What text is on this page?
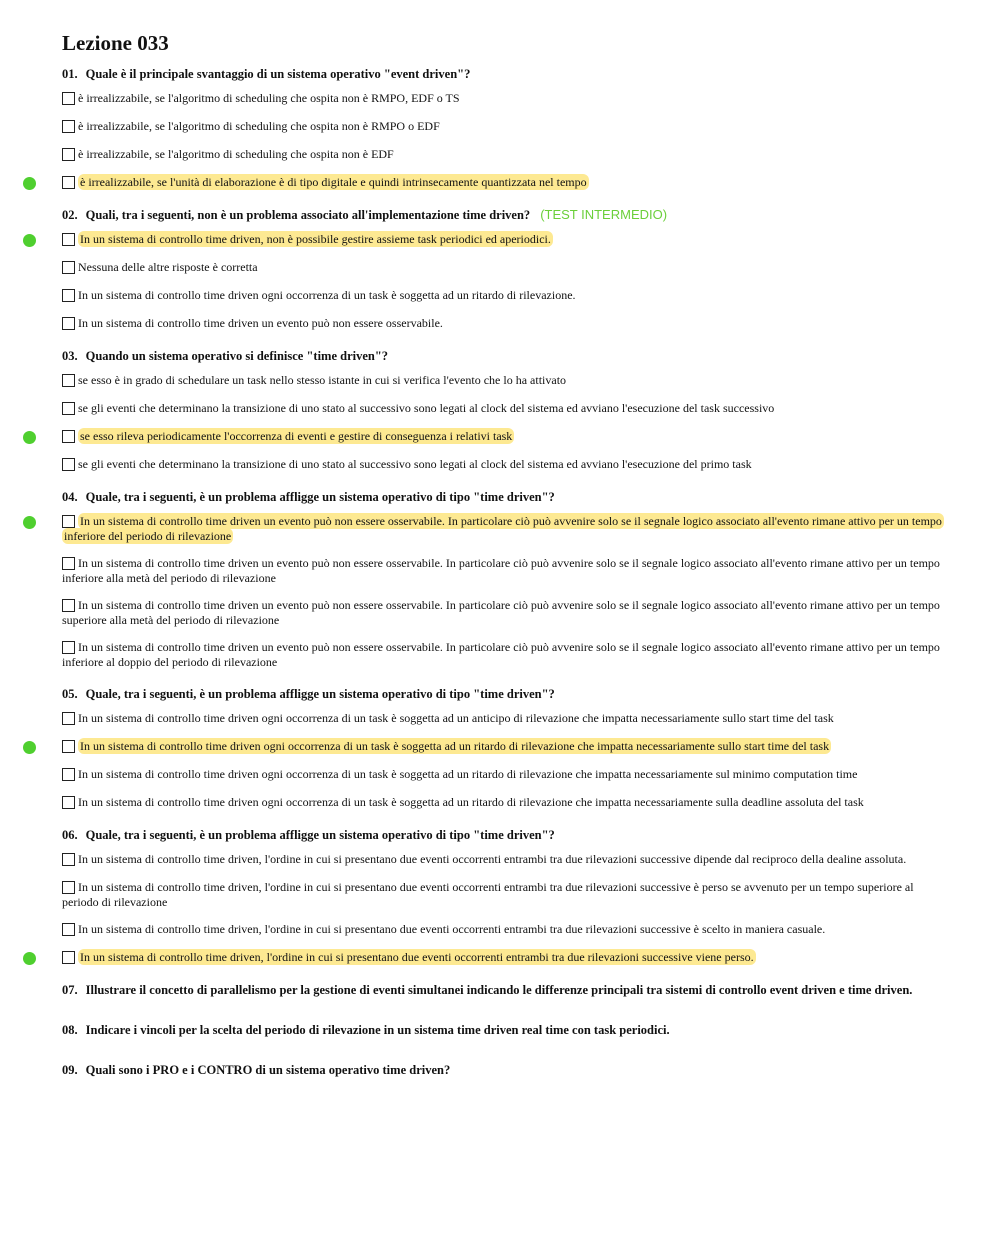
Lezione 033
01. Quale è il principale svantaggio di un sistema operativo "event driven"?
è irrealizzabile, se l'algoritmo di scheduling che ospita non è RMPO, EDF o TS
è irrealizzabile, se l'algoritmo di scheduling che ospita non è RMPO o EDF
è irrealizzabile, se l'algoritmo di scheduling che ospita non è EDF
è irrealizzabile, se l'unità di elaborazione è di tipo digitale e quindi intrinsecamente quantizzata nel tempo
02. Quali, tra i seguenti, non è un problema associato all'implementazione time driven? (TEST INTERMEDIO)
In un sistema di controllo time driven, non è possibile gestire assieme task periodici ed aperiodici.
Nessuna delle altre risposte è corretta
In un sistema di controllo time driven ogni occorrenza di un task è soggetta ad un ritardo di rilevazione.
In un sistema di controllo time driven un evento può non essere osservabile.
03. Quando un sistema operativo si definisce "time driven"?
se esso è in grado di schedulare un task nello stesso istante in cui si verifica l'evento che lo ha attivato
se gli eventi che determinano la transizione di uno stato al successivo sono legati al clock del sistema ed avviano l'esecuzione del task successivo
se esso rileva periodicamente l'occorrenza di eventi e gestire di conseguenza i relativi task
se gli eventi che determinano la transizione di uno stato al successivo sono legati al clock del sistema ed avviano l'esecuzione del primo task
04. Quale, tra i seguenti, è un problema affligge un sistema operativo di tipo "time driven"?
In un sistema di controllo time driven un evento può non essere osservabile. In particolare ciò può avvenire solo se il segnale logico associato all'evento rimane attivo per un tempo inferiore del periodo di rilevazione
In un sistema di controllo time driven un evento può non essere osservabile. In particolare ciò può avvenire solo se il segnale logico associato all'evento rimane attivo per un tempo inferiore alla metà del periodo di rilevazione
In un sistema di controllo time driven un evento può non essere osservabile. In particolare ciò può avvenire solo se il segnale logico associato all'evento rimane attivo per un tempo superiore alla metà del periodo di rilevazione
In un sistema di controllo time driven un evento può non essere osservabile. In particolare ciò può avvenire solo se il segnale logico associato all'evento rimane attivo per un tempo inferiore al doppio del periodo di rilevazione
05. Quale, tra i seguenti, è un problema affligge un sistema operativo di tipo "time driven"?
In un sistema di controllo time driven ogni occorrenza di un task è soggetta ad un anticipo di rilevazione che impatta necessariamente sullo start time del task
In un sistema di controllo time driven ogni occorrenza di un task è soggetta ad un ritardo di rilevazione che impatta necessariamente sullo start time del task
In un sistema di controllo time driven ogni occorrenza di un task è soggetta ad un ritardo di rilevazione che impatta necessariamente sul minimo computation time
In un sistema di controllo time driven ogni occorrenza di un task è soggetta ad un ritardo di rilevazione che impatta necessariamente sulla deadline assoluta del task
06. Quale, tra i seguenti, è un problema affligge un sistema operativo di tipo "time driven"?
In un sistema di controllo time driven, l'ordine in cui si presentano due eventi occorrenti entrambi tra due rilevazioni successive dipende dal reciproco della dealine assoluta.
In un sistema di controllo time driven, l'ordine in cui si presentano due eventi occorrenti entrambi tra due rilevazioni successive è perso se avvenuto per un tempo superiore al periodo di rilevazione
In un sistema di controllo time driven, l'ordine in cui si presentano due eventi occorrenti entrambi tra due rilevazioni successive è scelto in maniera casuale.
In un sistema di controllo time driven, l'ordine in cui si presentano due eventi occorrenti entrambi tra due rilevazioni successive viene perso.
07. Illustrare il concetto di parallelismo per la gestione di eventi simultanei indicando le differenze principali tra sistemi di controllo event driven e time driven.
08. Indicare i vincoli per la scelta del periodo di rilevazione in un sistema time driven real time con task periodici.
09. Quali sono i PRO e i CONTRO di un sistema operativo time driven?
